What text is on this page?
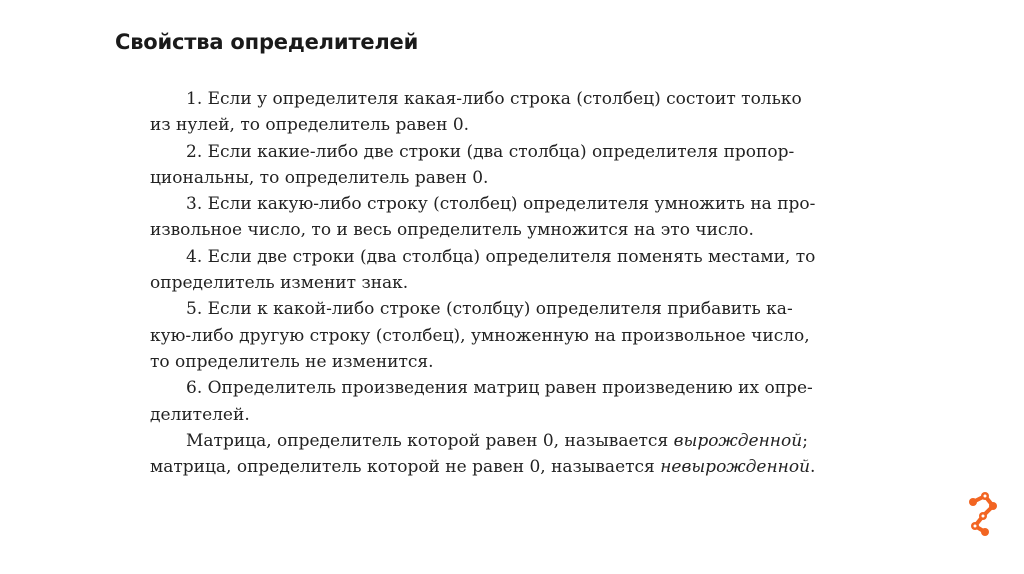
Свойства определителей
1. Если у определителя какая-либо строка (столбец) состоит только
из нулей, то определитель равен 0.
2. Если какие-либо две строки (два столбца) определителя пропор-
циональны, то определитель равен 0.
3. Если какую-либо строку (столбец) определителя умножить на про-
извольное число, то и весь определитель умножится на это число.
4. Если две строки (два столбца) определителя поменять местами, то
определитель изменит знак.
5. Если к какой-либо строке (столбцу) определителя прибавить ка-
кую-либо другую строку (столбец), умноженную на произвольное число,
то определитель не изменится.
6. Определитель произведения матриц равен произведению их опре-
делителей.
Матрица, определитель которой равен 0, называется вырожденной;
матрица, определитель которой не равен 0, называется невырожденной.
